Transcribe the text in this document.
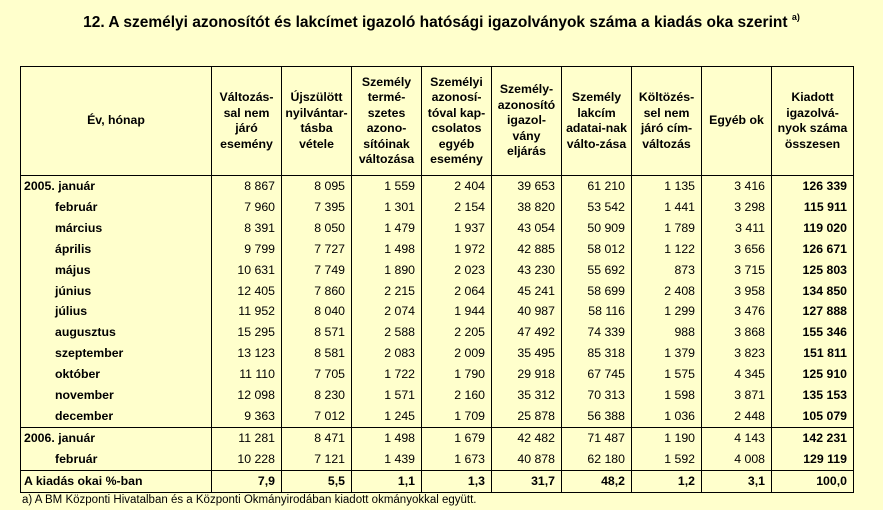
12. A személyi azonosítót és lakcímet igazoló hatósági igazolványok száma a kiadás oka szerint $^{a)}$
Év, hónap	Változás-sal nem járó esemény	Újszülött nyilvántar-tásba vétele	Személy termé-szetes azono-sítóinak változása	Személyi azonosí-tóval kap-csolatos egyéb esemény	Személy-azonosító igazol-vány eljárás	Személy lakcím adatai-nak válto-zása	Költözés-sel nem járó cím-változás	Egyéb ok	Kiadott igazolvá-nyok száma összesen
2005. január	8 867	8 095	1 559	2 404	39 653	61 210	1 135	3 416	126 339
február	7 960	7 395	1 301	2 154	38 820	53 542	1 441	3 298	115 911
március	8 391	8 050	1 479	1 937	43 054	50 909	1 789	3 411	119 020
április	9 799	7 727	1 498	1 972	42 885	58 012	1 122	3 656	126 671
május	10 631	7 749	1 890	2 023	43 230	55 692	873	3 715	125 803
június	12 405	7 860	2 215	2 064	45 241	58 699	2 408	3 958	134 850
július	11 952	8 040	2 074	1 944	40 987	58 116	1 299	3 476	127 888
augusztus	15 295	8 571	2 588	2 205	47 492	74 339	988	3 868	155 346
szeptember	13 123	8 581	2 083	2 009	35 495	85 318	1 379	3 823	151 811
október	11 110	7 705	1 722	1 790	29 918	67 745	1 575	4 345	125 910
november	12 098	8 230	1 571	2 160	35 312	70 313	1 598	3 871	135 153
december	9 363	7 012	1 245	1 709	25 878	56 388	1 036	2 448	105 079
2006. január	11 281	8 471	1 498	1 679	42 482	71 487	1 190	4 143	142 231
február	10 228	7 121	1 439	1 673	40 878	62 180	1 592	4 008	129 119
A kiadás okai %-ban	7,9	5,5	1,1	1,3	31,7	48,2	1,2	3,1	100,0
a) A BM Központi Hivatalban és a Központi Okmányirodában kiadott okmányokkal együtt.
